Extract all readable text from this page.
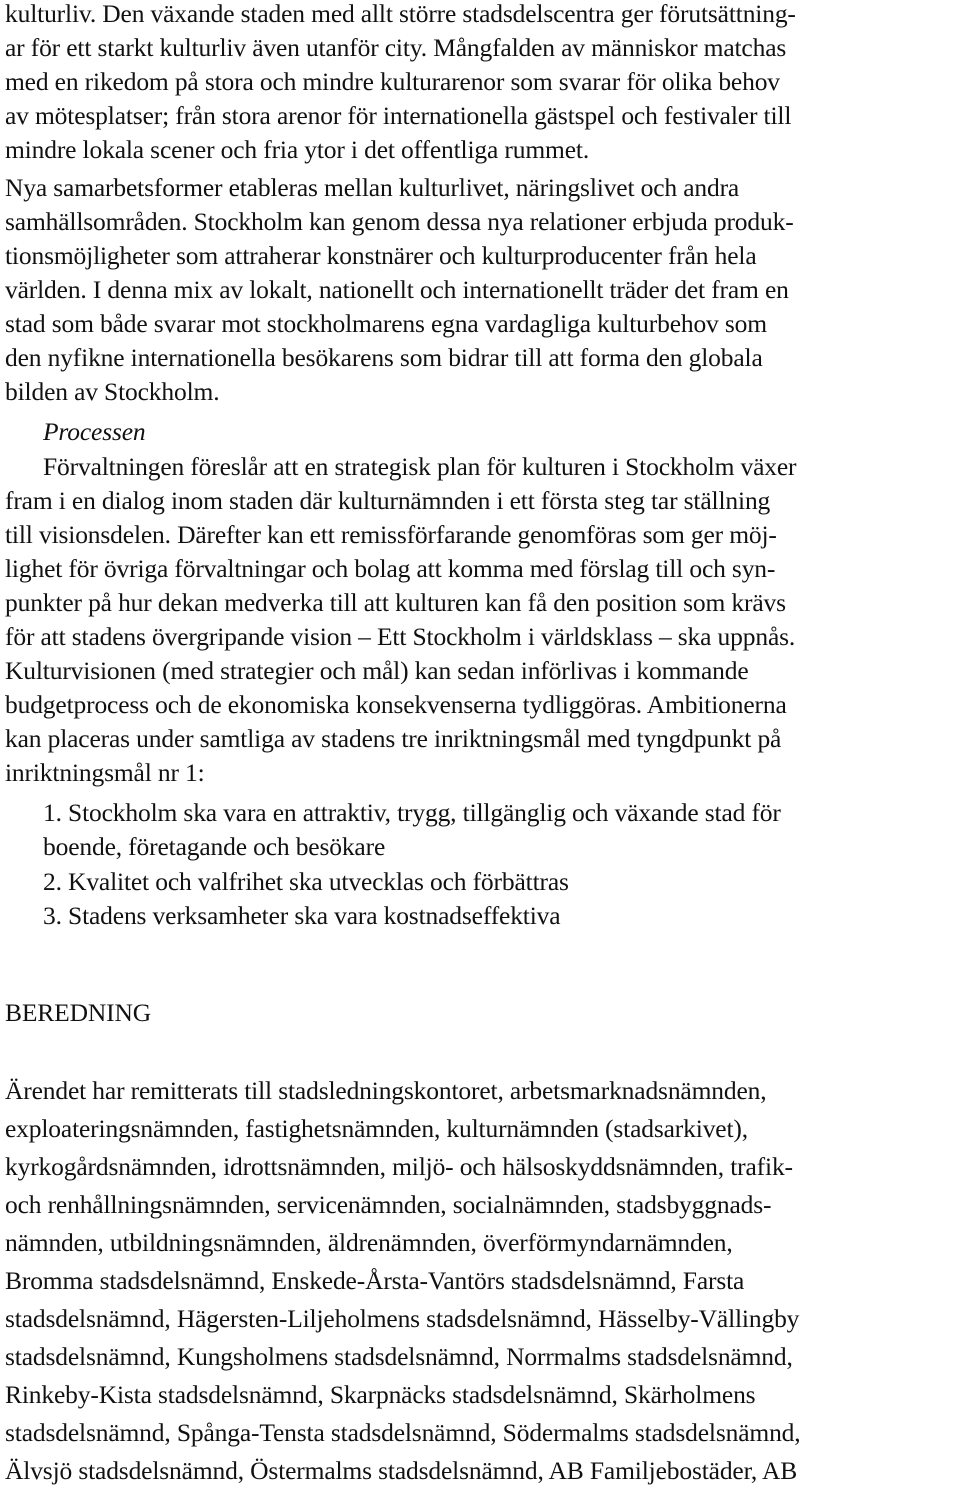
kulturliv. Den växande staden med allt större stadsdelscentra ger förutsättning-
ar för ett starkt kulturliv även utanför city. Mångfalden av människor matchas
med en rikedom på stora och mindre kulturarenor som svarar för olika behov
av mötesplatser; från stora arenor för internationella gästspel och festivaler till
mindre lokala scener och fria ytor i det offentliga rummet.
Nya samarbetsformer etableras mellan kulturlivet, näringslivet och andra
samhällsområden. Stockholm kan genom dessa nya relationer erbjuda produk-
tionsmöjligheter som attraherar konstnärer och kulturproducenter från hela
världen. I denna mix av lokalt, nationellt och internationellt träder det fram en
stad som både svarar mot stockholmarens egna vardagliga kulturbehov som
den nyfikne internationella besökarens som bidrar till att forma den globala
bilden av Stockholm.
Processen
Förvaltningen föreslår att en strategisk plan för kulturen i Stockholm växer
fram i en dialog inom staden där kulturnämnden i ett första steg tar ställning
till visionsdelen. Därefter kan ett remissförfarande genomföras som ger möj-
lighet för övriga förvaltningar och bolag att komma med förslag till och syn-
punkter på hur dekan medverka till att kulturen kan få den position som krävs
för att stadens övergripande vision – Ett Stockholm i världsklass – ska uppnås.
Kulturvisionen (med strategier och mål) kan sedan införlivas i kommande
budgetprocess och de ekonomiska konsekvenserna tydliggöras. Ambitionerna
kan placeras under samtliga av stadens tre inriktningsmål med tyngdpunkt på
inriktningsmål nr 1:
1. Stockholm ska vara en attraktiv, trygg, tillgänglig och växande stad för
boende, företagande och besökare
2. Kvalitet och valfrihet ska utvecklas och förbättras
3. Stadens verksamheter ska vara kostnadseffektiva
BEREDNING
Ärendet har remitterats till stadsledningskontoret, arbetsmarknadsnämnden,
exploateringsnämnden, fastighetsnämnden, kulturnämnden (stadsarkivet),
kyrkogårdsnämnden, idrottsnämnden, miljö- och hälsoskyddsnämnden, trafik-
och renhållningsnämnden, servicenämnden, socialnämnden, stadsbyggnads-
nämnden, utbildningsnämnden, äldrenämnden, överförmyndarnämnden,
Bromma stadsdelsnämnd, Enskede-Årsta-Vantörs stadsdelsnämnd, Farsta
stadsdelsnämnd, Hägersten-Liljeholmens stadsdelsnämnd, Hässelby-Vällingby
stadsdelsnämnd, Kungsholmens stadsdelsnämnd, Norrmalms stadsdelsnämnd,
Rinkeby-Kista stadsdelsnämnd, Skarpnäcks stadsdelsnämnd, Skärholmens
stadsdelsnämnd, Spånga-Tensta stadsdelsnämnd, Södermalms stadsdelsnämnd,
Älvsjö stadsdelsnämnd, Östermalms stadsdelsnämnd, AB Familjebostäder, AB
